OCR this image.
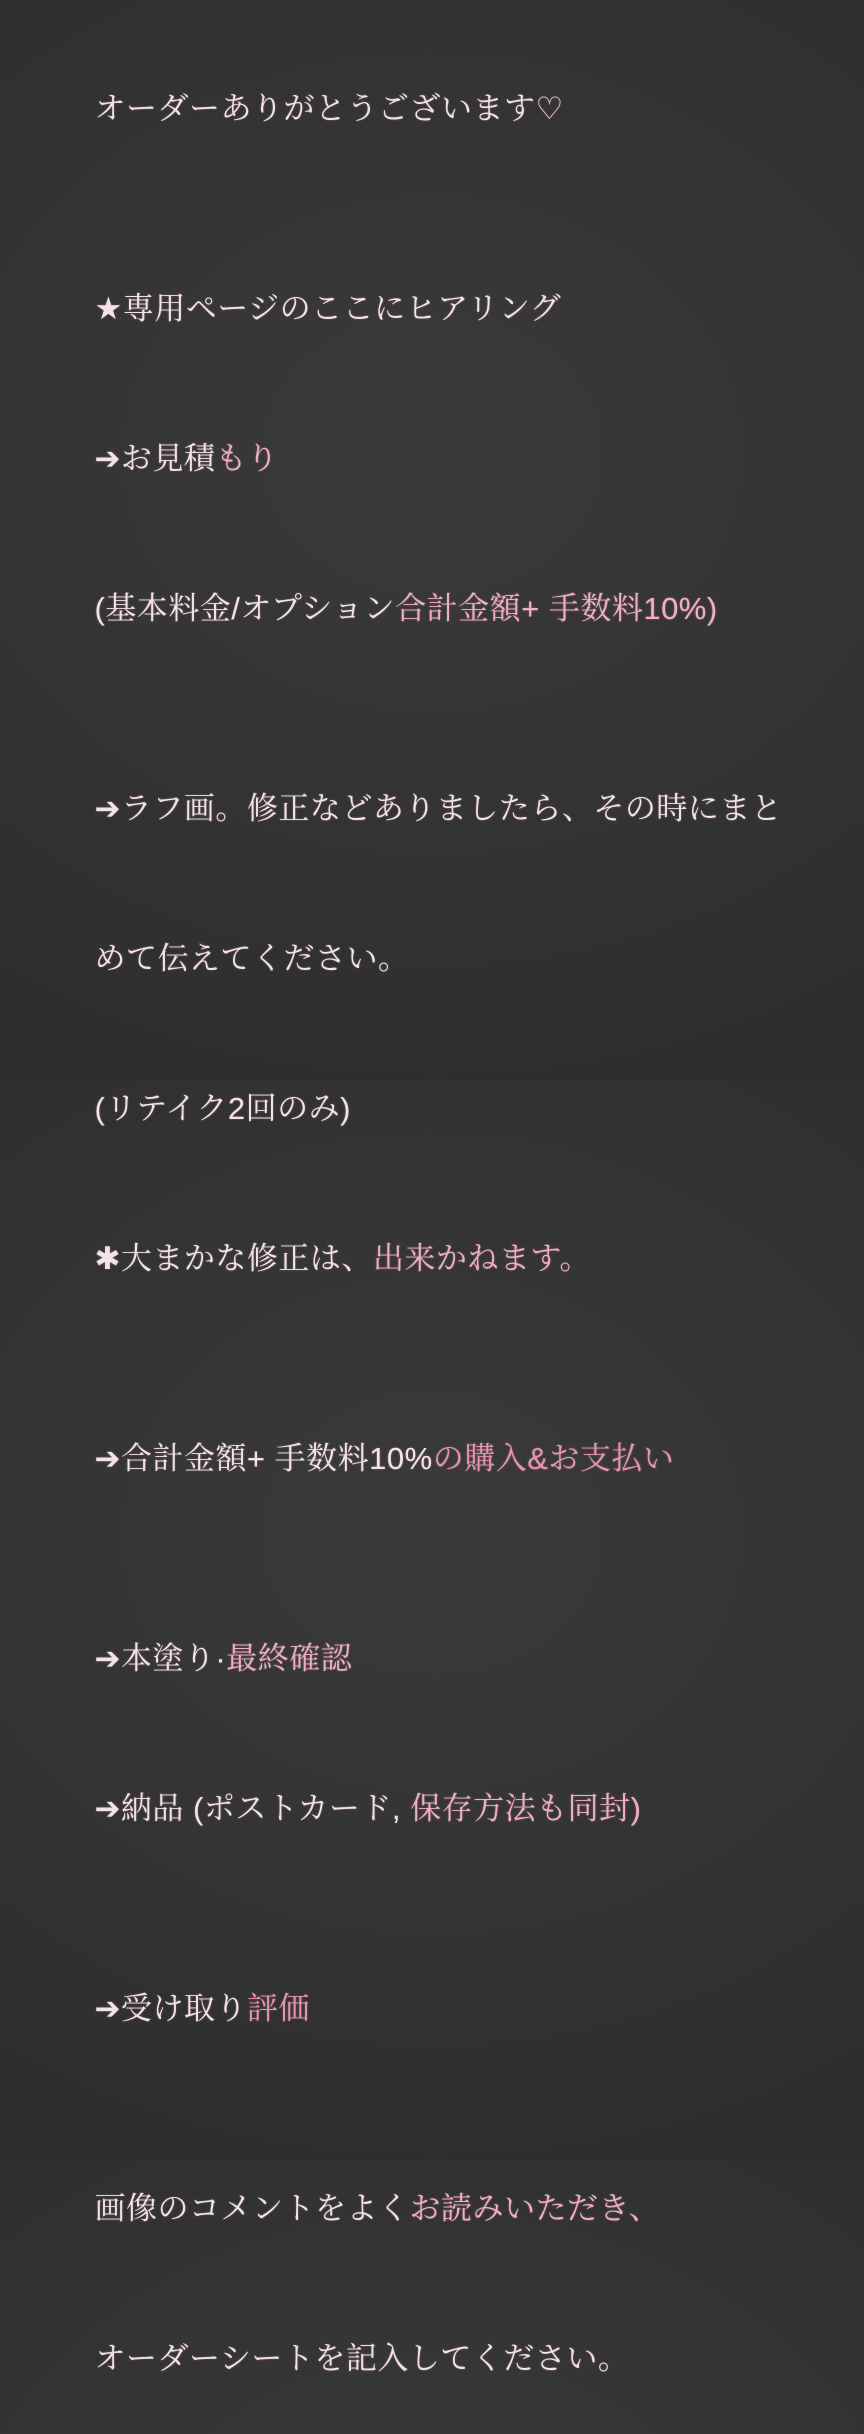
オーダーありがとうございます♡

★専用ページのここにヒアリング

➔お見積もり

(基本料金/オプション合計金額+ 手数料10%)

➔ラフ画。修正などありましたら、その時にまと

めて伝えてください。

(リテイク2回のみ)

✱大まかな修正は、出来かねます。

➔合計金額+ 手数料10%の購入&お支払い

➔本塗り·最終確認

➔納品 (ポストカード, 保存方法も同封)

➔受け取り評価

画像のコメントをよくお読みいただき、

オーダーシートを記入してください。
